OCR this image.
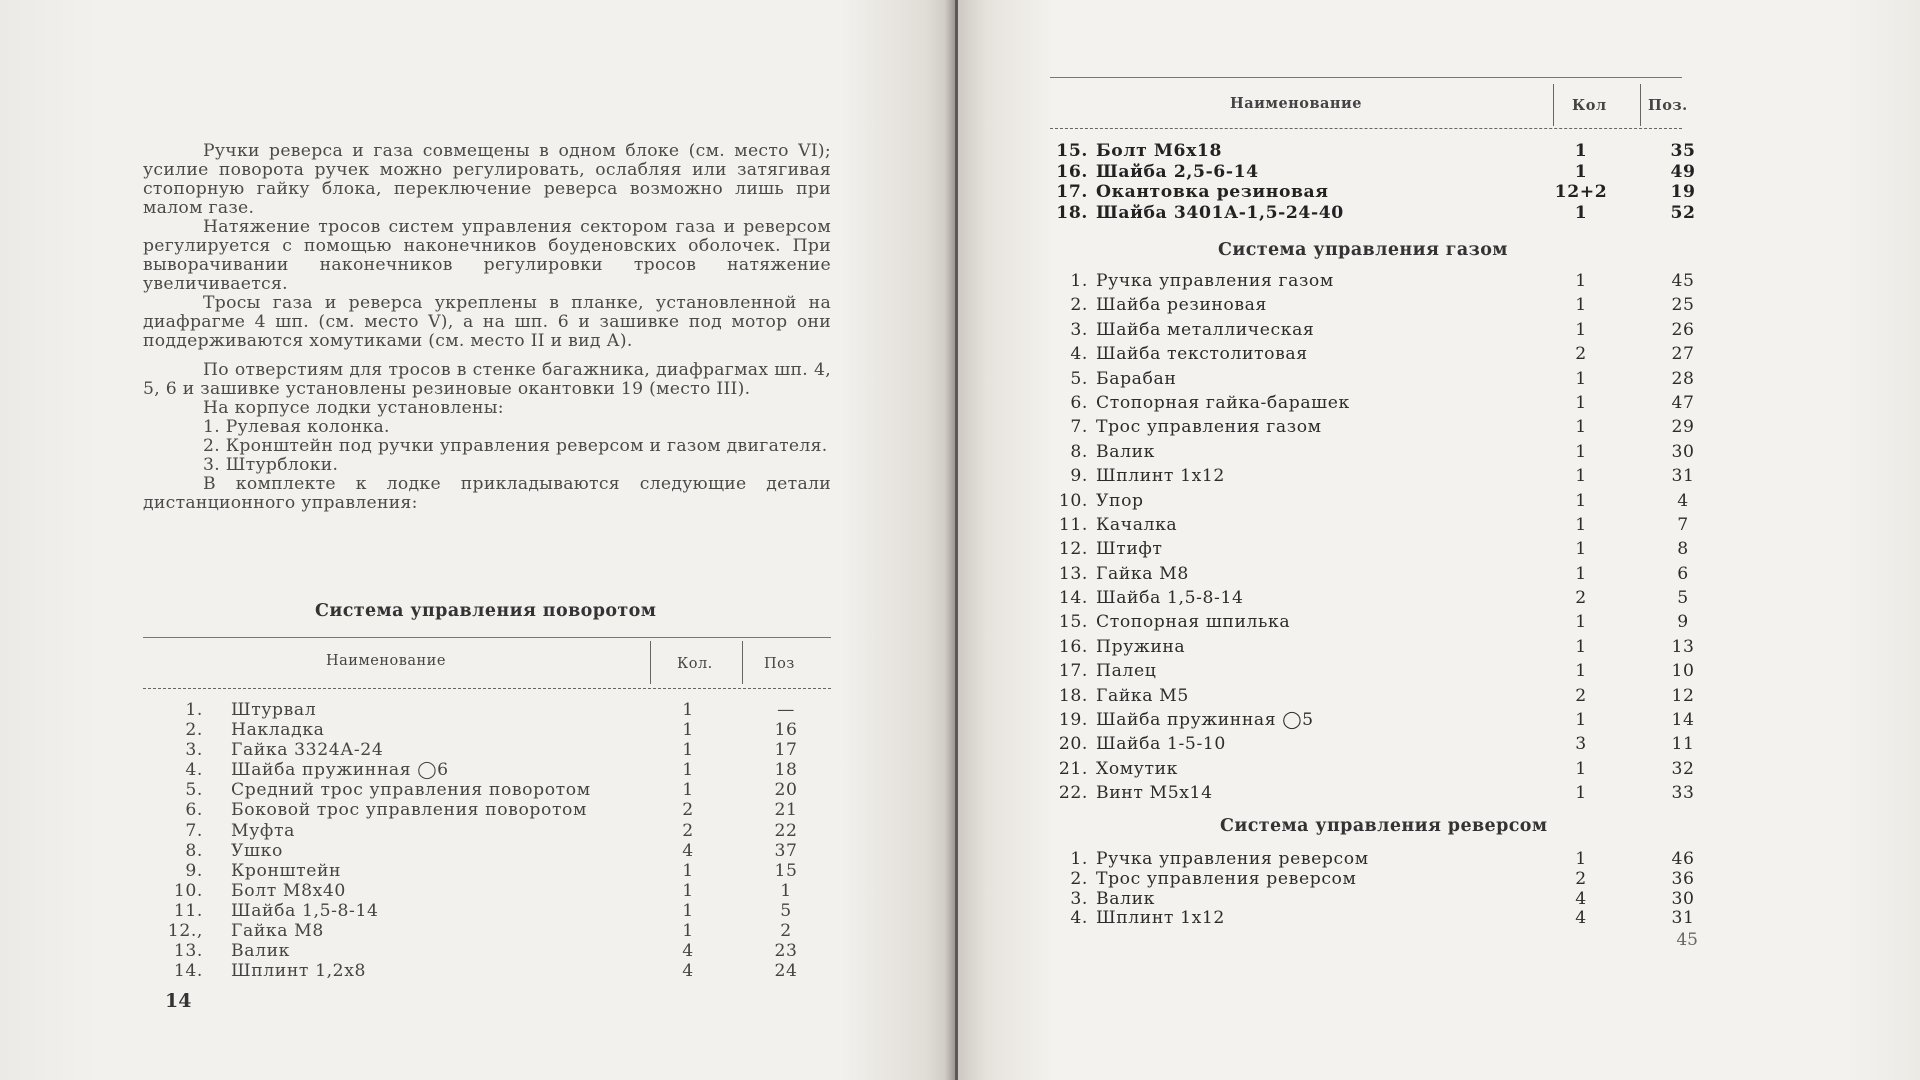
Ручки реверса и газа совмещены в одном блоке (см. место VI); усилие поворота ручек можно регулировать, ослабляя или затягивая стопорную гайку блока, переключение реверса возможно лишь при малом газе.

Натяжение тросов систем управления сектором газа и реверсом регулируется с помощью наконечников боуденовских оболочек. При выворачивании наконечников регулировки тросов натяжение увеличивается.

Тросы газа и реверса укреплены в планке, установленной на диафрагме 4 шп. (см. место V), а на шп. 6 и зашивке под мотор они поддерживаются хомутиками (см. место II и вид А).

По отверстиям для тросов в стенке багажника, диафрагмах шп. 4, 5, 6 и зашивке установлены резиновые окантовки 19 (место III).

На корпусе лодки установлены:

1. Рулевая колонка.

2. Кронштейн под ручки управления реверсом и газом двигателя.

3. Штурблоки.

В комплекте к лодке прикладываются следующие детали дистанционного управления:

Система управления поворотом
Наименование	Кол.	Поз
1. Штурвал	1	—
2. Накладка	1	16
3. Гайка 3324А-24	1	17
4. Шайба пружинная ◯6	1	18
5. Средний трос управления поворотом	1	20
6. Боковой трос управления поворотом	2	21
7. Муфта	2	22
8. Ушко	4	37
9. Кронштейн	1	15
10. Болт М8х40	1	1
11. Шайба 1,5-8-14	1	5
12., Гайка М8	1	2
13. Валик	4	23
14. Шплинт 1,2х8	4	24
14
Наименование	Кол	Поз.
15. Болт М6х18	1	35
16. Шайба 2,5-6-14	1	49
17. Окантовка резиновая	12+2	19
18. Шайба 3401А-1,5-24-40	1	52
Система управления газом
1. Ручка управления газом	1	45
2. Шайба резиновая	1	25
3. Шайба металлическая	1	26
4. Шайба текстолитовая	2	27
5. Барабан	1	28
6. Стопорная гайка-барашек	1	47
7. Трос управления газом	1	29
8. Валик	1	30
9. Шплинт 1х12	1	31
10. Упор	1	4
11. Качалка	1	7
12. Штифт	1	8
13. Гайка М8	1	6
14. Шайба 1,5-8-14	2	5
15. Стопорная шпилька	1	9
16. Пружина	1	13
17. Палец	1	10
18. Гайка М5	2	12
19. Шайба пружинная ◯5	1	14
20. Шайба 1-5-10	3	11
21. Хомутик	1	32
22. Винт М5х14	1	33
Система управления реверсом
1. Ручка управления реверсом	1	46
2. Трос управления реверсом	2	36
3. Валик	4	30
4. Шплинт 1х12	4	31
45
